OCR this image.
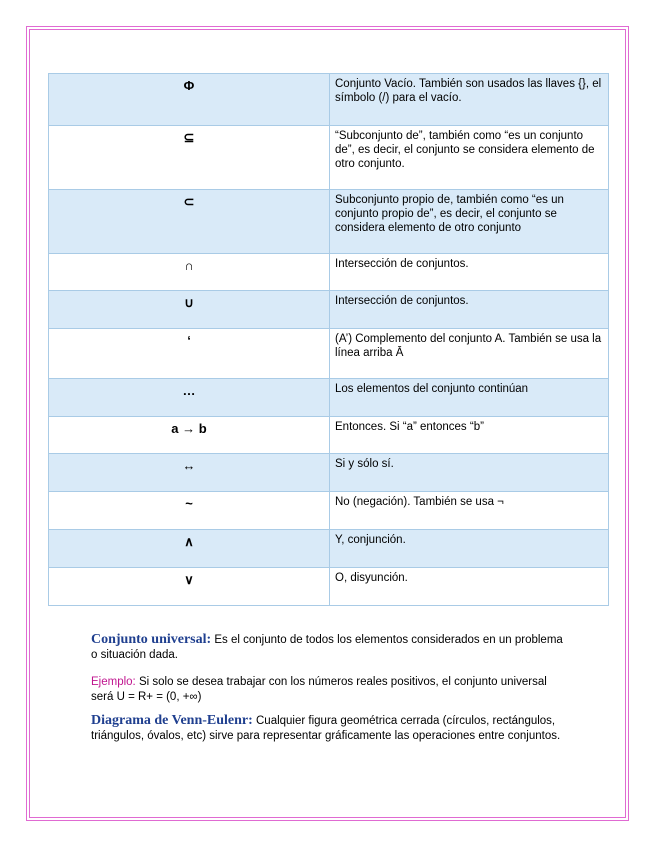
Φ	Conjunto Vacío. También son usados las llaves {}, el símbolo (/) para el vacío.
⊆	“Subconjunto de”, también como “es un conjunto de”, es decir, el conjunto se considera elemento de otro conjunto.
⊂	Subconjunto propio de, también como “es un conjunto propio de”, es decir, el conjunto se considera elemento de otro conjunto
∩	Intersección de conjuntos.
∪	Intersección de conjuntos.
‘	(A’) Complemento del conjunto A. También se usa la línea arriba Ā
…	Los elementos del conjunto continúan
a → b	Entonces. Si “a” entonces “b”
↔	Si y sólo sí.
~	No (negación). También se usa ¬
∧	Y, conjunción.
∨	O, disyunción.

Conjunto universal: Es el conjunto de todos los elementos considerados en un problema o situación dada.

Ejemplo: Si solo se desea trabajar con los números reales positivos, el conjunto universal será U = R+ = (0, +∞)

Diagrama de Venn-Eulenr: Cualquier figura geométrica cerrada (círculos, rectángulos, triángulos, óvalos, etc) sirve para representar gráficamente las operaciones entre conjuntos.
